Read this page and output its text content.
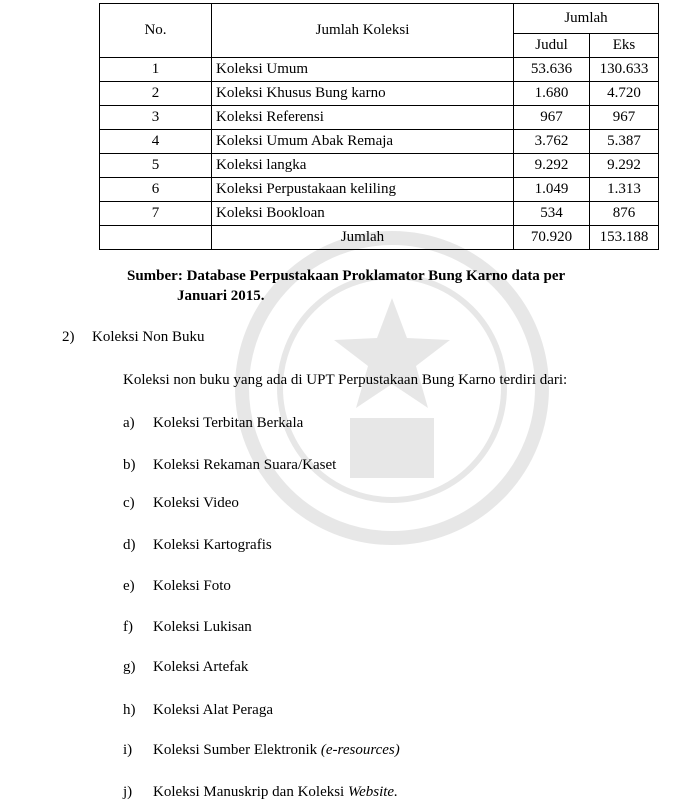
No.	Jumlah Koleksi	Jumlah	
		Judul	Eks
1	Koleksi Umum	53.636	130.633
2	Koleksi Khusus Bung karno	1.680	4.720
3	Koleksi Referensi	967	967
4	Koleksi Umum Abak Remaja	3.762	5.387
5	Koleksi langka	9.292	9.292
6	Koleksi Perpustakaan keliling	1.049	1.313
7	Koleksi Bookloan	534	876
	Jumlah	70.920	153.188
Sumber: Database Perpustakaan Proklamator Bung Karno data per
Januari 2015.
2) Koleksi Non Buku
Koleksi non buku yang ada di UPT Perpustakaan Bung Karno terdiri dari:
a) Koleksi Terbitan Berkala
b) Koleksi Rekaman Suara/Kaset
c) Koleksi Video
d) Koleksi Kartografis
e) Koleksi Foto
f) Koleksi Lukisan
g) Koleksi Artefak
h) Koleksi Alat Peraga
i) Koleksi Sumber Elektronik (e-resources)
j) Koleksi Manuskrip dan Koleksi Website.
